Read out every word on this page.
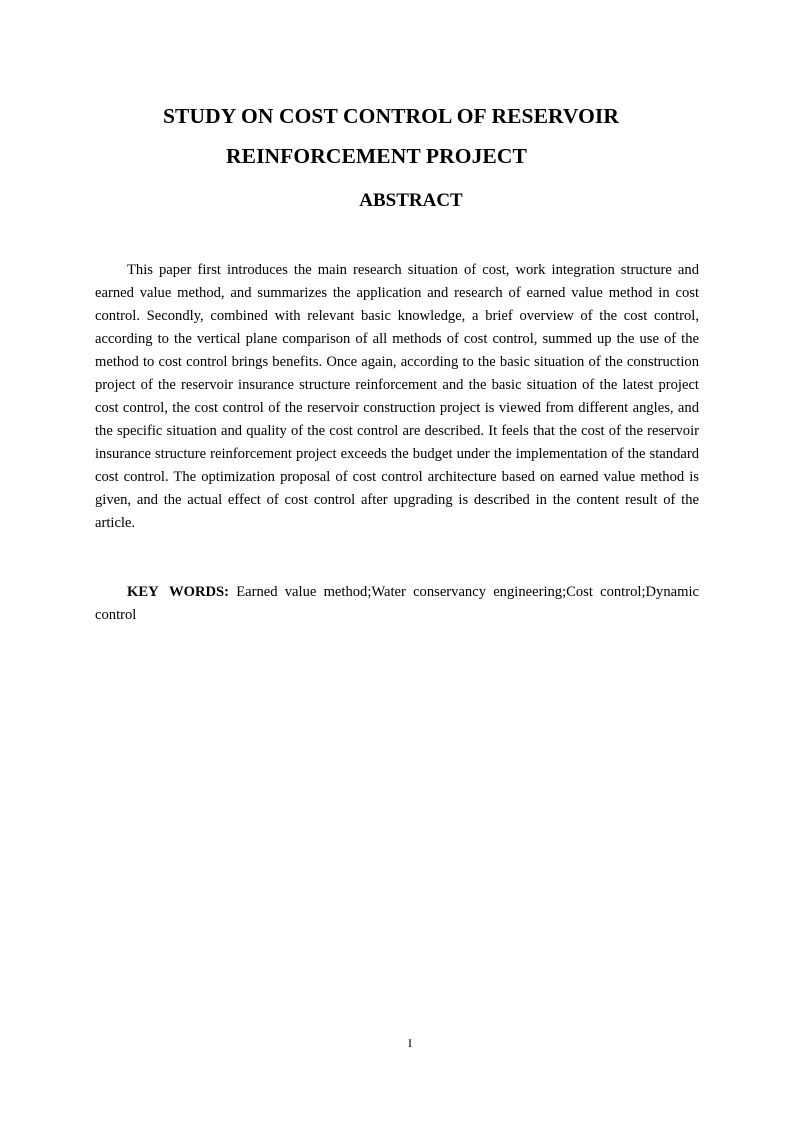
STUDY ON COST CONTROL OF RESERVOIR
REINFORCEMENT PROJECT
ABSTRACT

This paper first introduces the main research situation of cost, work integration structure and earned value method, and summarizes the application and research of earned value method in cost control. Secondly, combined with relevant basic knowledge, a brief overview of the cost control, according to the vertical plane comparison of all methods of cost control, summed up the use of the method to cost control brings benefits. Once again, according to the basic situation of the construction project of the reservoir insurance structure reinforcement and the basic situation of the latest project cost control, the cost control of the reservoir construction project is viewed from different angles, and the specific situation and quality of the cost control are described. It feels that the cost of the reservoir insurance structure reinforcement project exceeds the budget under the implementation of the standard cost control. The optimization proposal of cost control architecture based on earned value method is given, and the actual effect of cost control after upgrading is described in the content result of the article.

KEY WORDS: Earned value method;Water conservancy engineering;Cost control;Dynamic control

I
